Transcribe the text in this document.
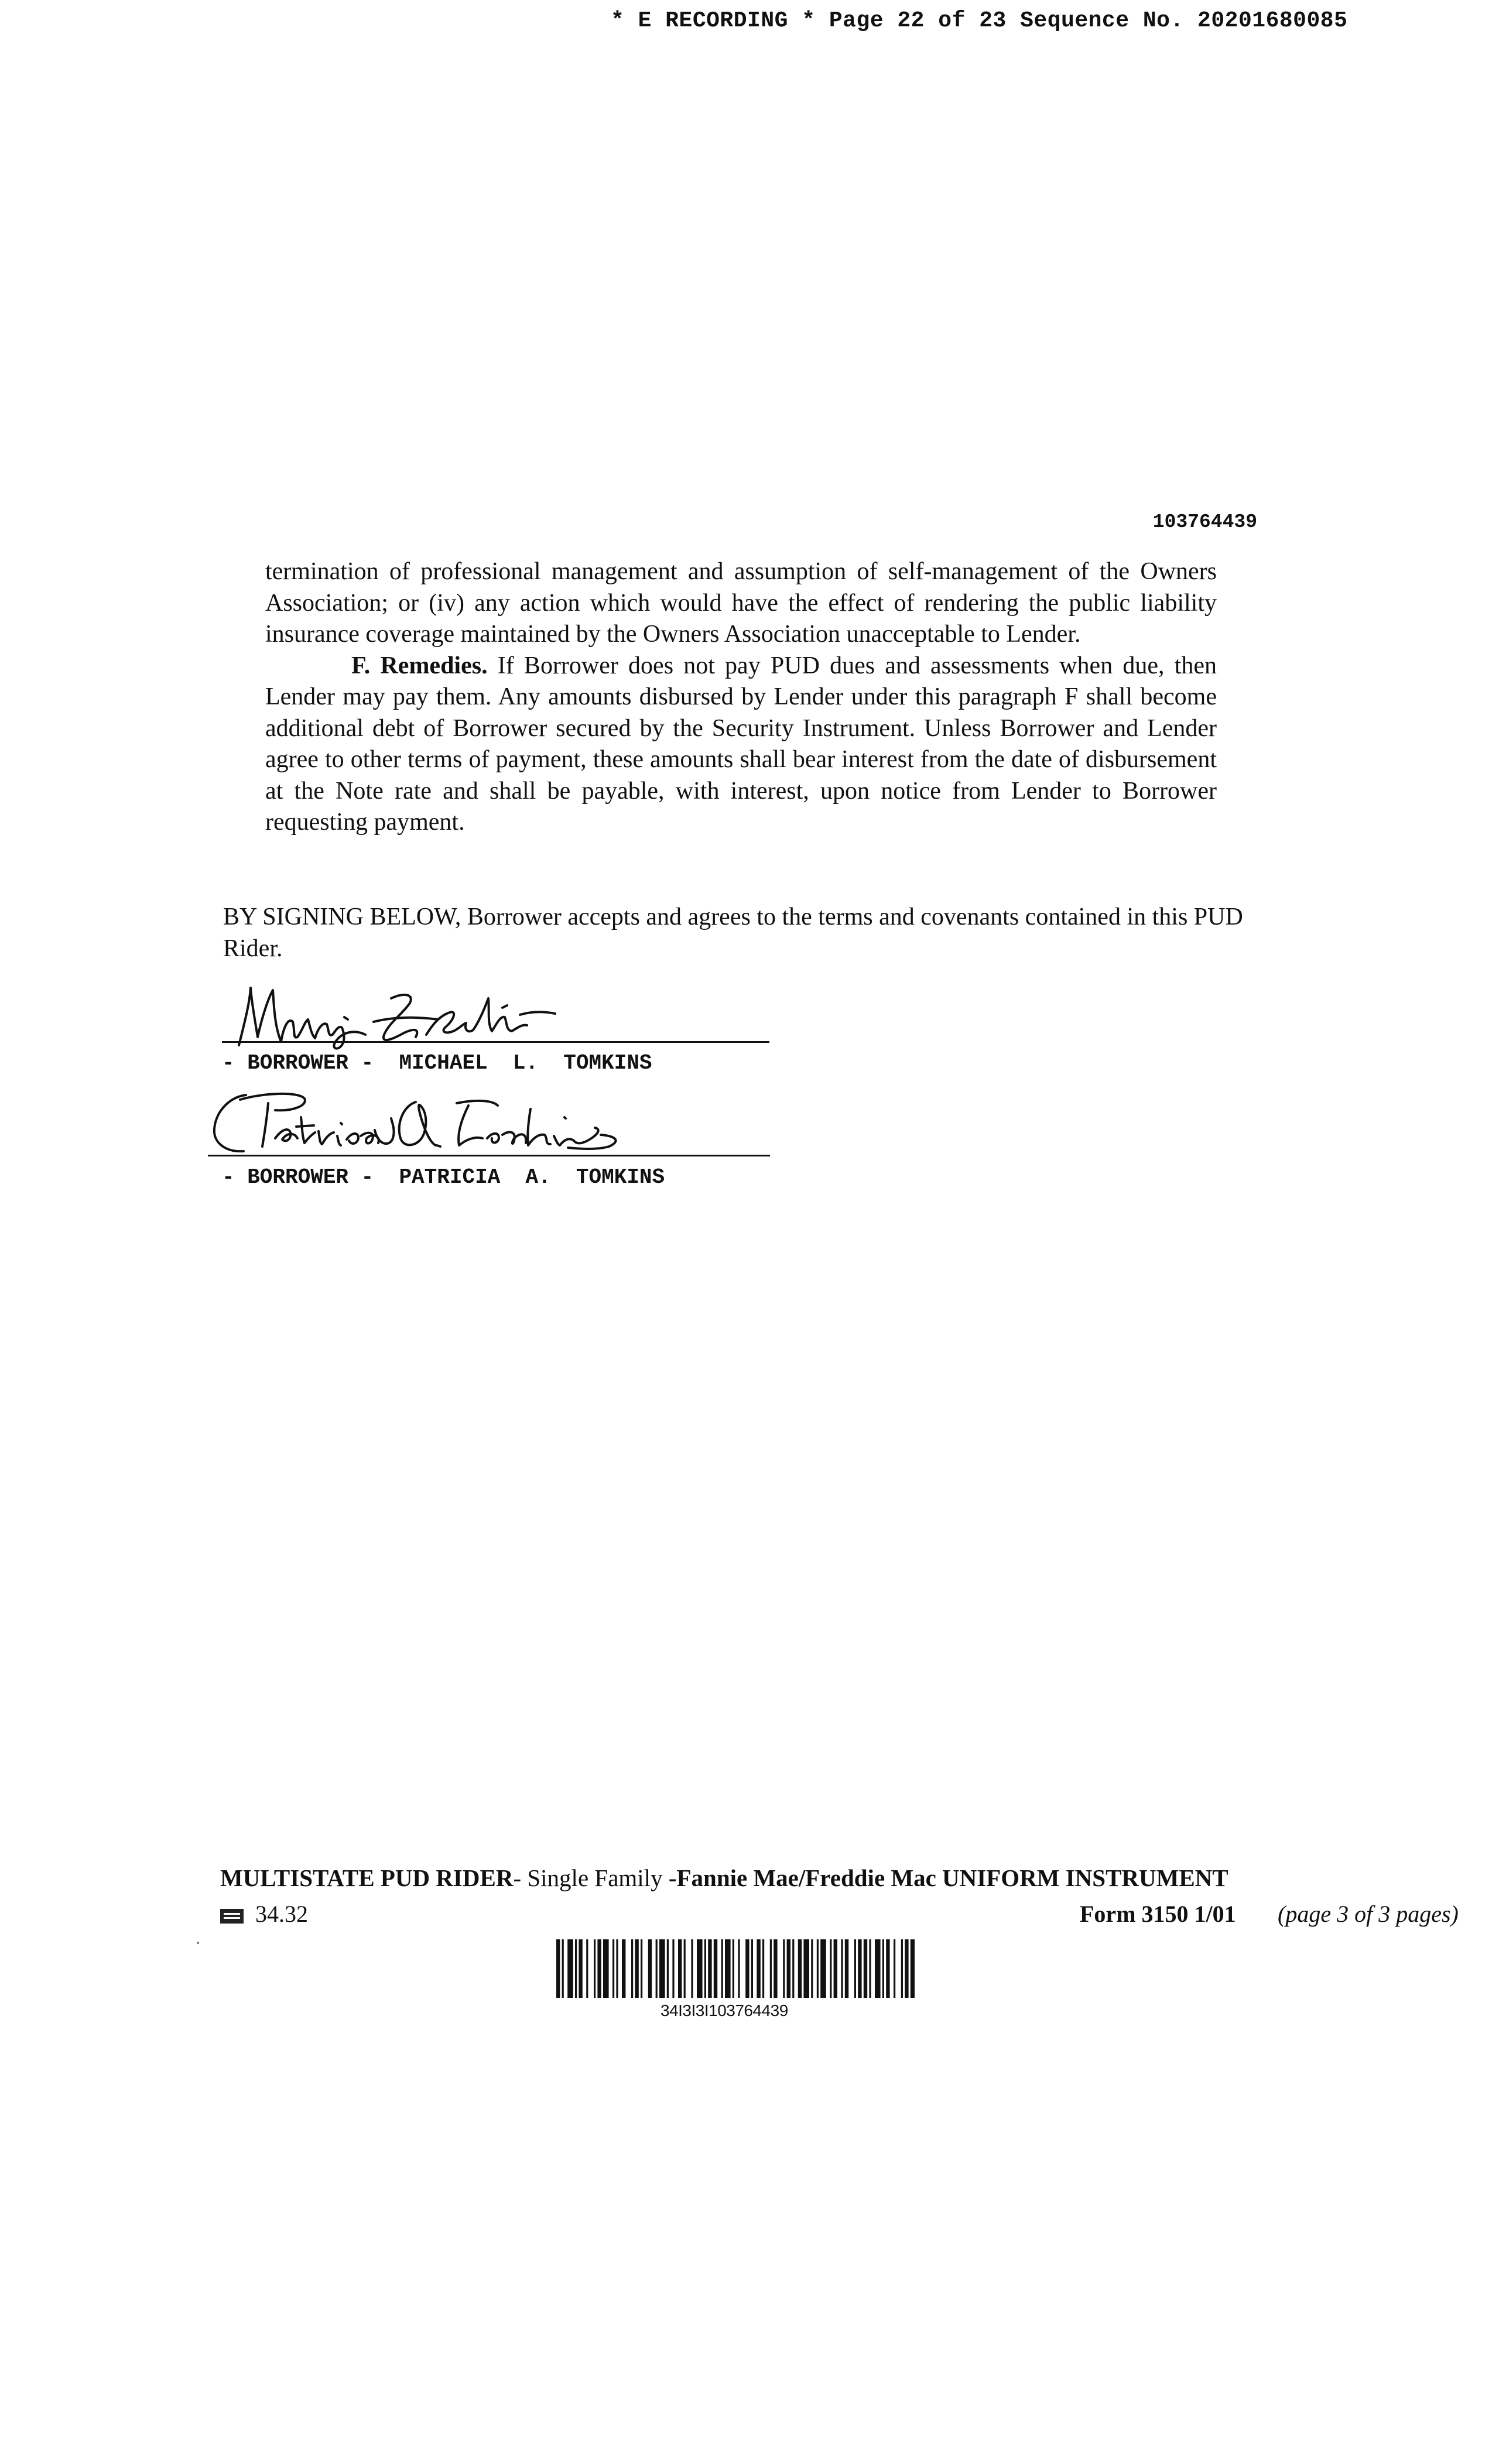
* E RECORDING * Page 22 of 23 Sequence No. 20201680085
103764439

termination of professional management and assumption of self-management of the Owners Association; or (iv) any action which would have the effect of rendering the public liability insurance coverage maintained by the Owners Association unacceptable to Lender.

F. Remedies. If Borrower does not pay PUD dues and assessments when due, then Lender may pay them. Any amounts disbursed by Lender under this paragraph F shall become additional debt of Borrower secured by the Security Instrument. Unless Borrower and Lender agree to other terms of payment, these amounts shall bear interest from the date of disbursement at the Note rate and shall be payable, with interest, upon notice from Lender to Borrower requesting payment.

BY SIGNING BELOW, Borrower accepts and agrees to the terms and covenants contained in this PUD Rider.

- BORROWER -  MICHAEL  L.  TOMKINS
- BORROWER -  PATRICIA  A.  TOMKINS
MULTISTATE PUD RIDER- Single Family -Fannie Mae/Freddie Mac UNIFORM INSTRUMENT
34.32	Form 3150 1/01 (page 3 of 3 pages)
34I3I3I103764439
